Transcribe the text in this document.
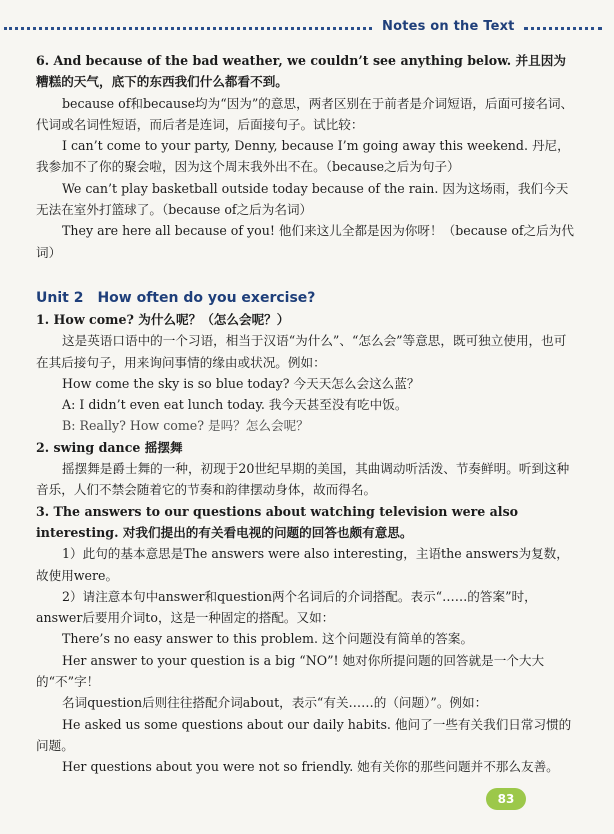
Notes on the Text

6. And because of the bad weather, we couldn’t see anything below. 并且因为糟糕的天气，底下的东西我们什么都看不到。

because of和because均为“因为”的意思，两者区别在于前者是介词短语，后面可接名词、代词或名词性短语，而后者是连词，后面接句子。试比较：

I can’t come to your party, Denny, because I’m going away this weekend. 丹尼，我参加不了你的聚会啦，因为这个周末我外出不在。（because之后为句子）

We can’t play basketball outside today because of the rain. 因为这场雨，我们今天无法在室外打篮球了。（because of之后为名词）

They are here all because of you! 他们来这儿全都是因为你呀！（because of之后为代词）

Unit 2 How often do you exercise?

1. How come? 为什么呢？（怎么会呢？）

这是英语口语中的一个习语，相当于汉语“为什么”、“怎么会”等意思，既可独立使用，也可在其后接句子，用来询问事情的缘由或状况。例如：

How come the sky is so blue today? 今天天怎么会这么蓝？

A: I didn’t even eat lunch today. 我今天甚至没有吃中饭。

B: Really? How come? 是吗？怎么会呢？

2. swing dance 摇摆舞

摇摆舞是爵士舞的一种，初现于20世纪早期的美国，其曲调动听活泼、节奏鲜明。听到这种音乐，人们不禁会随着它的节奏和韵律摆动身体，故而得名。

3. The answers to our questions about watching television were also interesting. 对我们提出的有关看电视的问题的回答也颇有意思。

1）此句的基本意思是The answers were also interesting，主语the answers为复数，故使用were。

2）请注意本句中answer和question两个名词后的介词搭配。表示“……的答案”时，answer后要用介词to，这是一种固定的搭配。又如：

There’s no easy answer to this problem. 这个问题没有简单的答案。

Her answer to your question is a big “NO”! 她对你所提问题的回答就是一个大大的“不”字！

名词question后则往往搭配介词about，表示“有关……的（问题）”。例如：

He asked us some questions about our daily habits. 他问了一些有关我们日常习惯的问题。

Her questions about you were not so friendly. 她有关你的那些问题并不那么友善。

83
